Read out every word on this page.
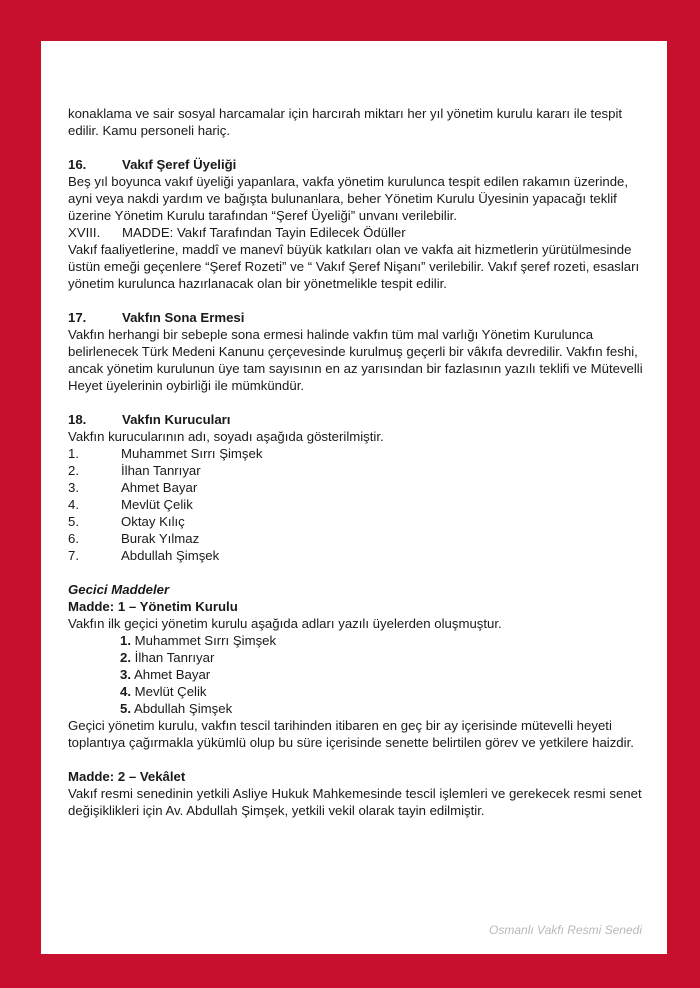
konaklama ve sair sosyal harcamalar için harcırah miktarı her yıl yönetim kurulu kararı ile tespit edilir. Kamu personeli hariç.

16.	Vakıf Şeref Üyeliği

Beş yıl boyunca vakıf üyeliği yapanlara, vakfa yönetim kurulunca tespit edilen rakamın üzerinde, ayni veya nakdi yardım ve bağışta bulunanlara, beher Yönetim Kurulu Üyesinin yapacağı teklif üzerine Yönetim Kurulu tarafından “Şeref Üyeliği” unvanı verilebilir.

XVIII. MADDE: Vakıf Tarafından Tayin Edilecek Ödüller

Vakıf faaliyetlerine, maddî ve manevî büyük katkıları olan ve vakfa ait hizmetlerin yürütülmesinde üstün emeği geçenlere “Şeref Rozeti” ve “ Vakıf Şeref Nişanı” verilebilir. Vakıf şeref rozeti, esasları yönetim kurulunca hazırlanacak olan bir yönetmelikle tespit edilir.

17.	Vakfın Sona Ermesi

Vakfın herhangi bir sebeple sona ermesi halinde vakfın tüm mal varlığı Yönetim Kurulunca belirlenecek Türk Medeni Kanunu çerçevesinde kurulmuş geçerli bir vâkıfa devredilir. Vakfın feshi, ancak yönetim kurulunun üye tam sayısının en az yarısından bir fazlasının yazılı teklifi ve Mütevelli Heyet üyelerinin oybirliği ile mümkündür.

18.	Vakfın Kurucuları

Vakfın kurucularının adı, soyadı aşağıda gösterilmiştir.

1.	Muhammet Sırrı Şimşek
2.	İlhan Tanrıyar
3.	Ahmet Bayar
4.	Mevlüt Çelik
5.	Oktay Kılıç
6.	Burak Yılmaz
7.	Abdullah Şimşek

Gecici Maddeler

Madde: 1 – Yönetim Kurulu

Vakfın ilk geçici yönetim kurulu aşağıda adları yazılı üyelerden oluşmuştur.

1. Muhammet Sırrı Şimşek

2. İlhan Tanrıyar

3. Ahmet Bayar

4. Mevlüt Çelik

5. Abdullah Şimşek

Geçici yönetim kurulu, vakfın tescil tarihinden itibaren en geç bir ay içerisinde mütevelli heyeti toplantıya çağırmakla yükümlü olup bu süre içerisinde senette belirtilen görev ve yetkilere haizdir.

Madde: 2 – Vekâlet

Vakıf resmi senedinin yetkili Asliye Hukuk Mahkemesinde tescil işlemleri ve gerekecek resmi senet değişiklikleri için Av. Abdullah Şimşek, yetkili vekil olarak tayin edilmiştir.

Osmanlı Vakfı Resmi Senedi
